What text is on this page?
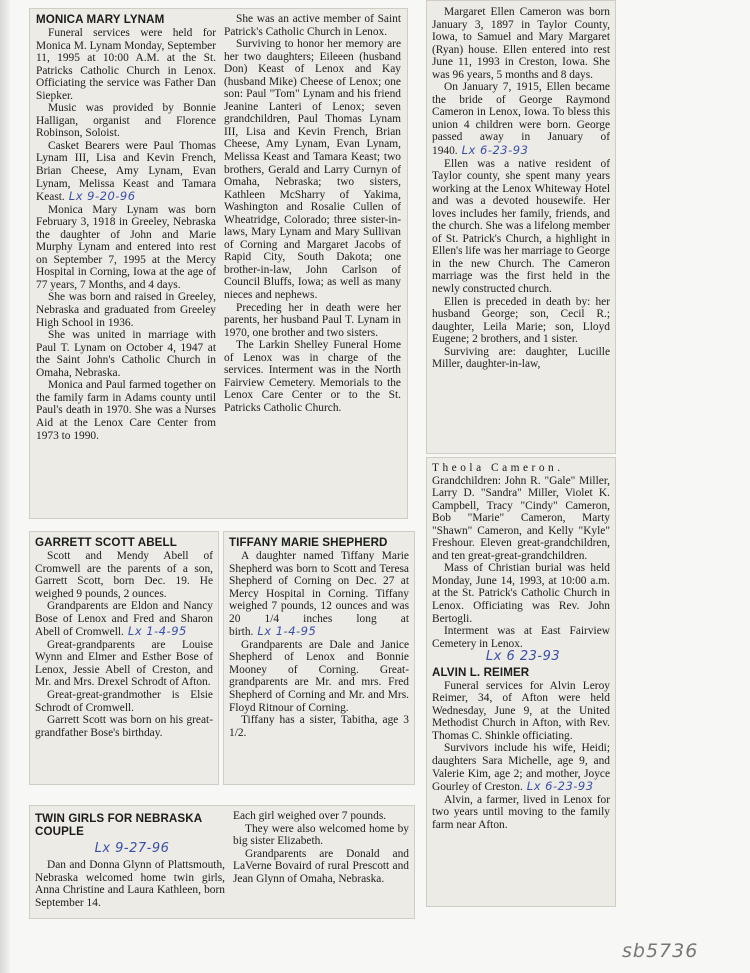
MONICA MARY LYNAM

Funeral services were held for Monica M. Lynam Monday, September 11, 1995 at 10:00 A.M. at the St. Patricks Catholic Church in Lenox. Officiating the service was Father Dan Siepker.

Music was provided by Bonnie Halligan, organist and Florence Robinson, Soloist.

Casket Bearers were Paul Thomas Lynam III, Lisa and Kevin French, Brian Cheese, Amy Lynam, Evan Lynam, Melissa Keast and Tamara Keast. Lx 9-20-96

Monica Mary Lynam was born February 3, 1918 in Greeley, Nebraska the daughter of John and Marie Murphy Lynam and entered into rest on September 7, 1995 at the Mercy Hospital in Corning, Iowa at the age of 77 years, 7 Months, and 4 days.

She was born and raised in Greeley, Nebraska and graduated from Greeley High School in 1936.

She was united in marriage with Paul T. Lynam on October 4, 1947 at the Saint John's Catholic Church in Omaha, Nebraska.

Monica and Paul farmed together on the family farm in Adams county until Paul's death in 1970. She was a Nurses Aid at the Lenox Care Center from 1973 to 1990.

She was an active member of Saint Patrick's Catholic Church in Lenox.

Surviving to honor her memory are her two daughters; Eileeen (husband Don) Keast of Lenox and Kay (husband Mike) Cheese of Lenox; one son: Paul "Tom" Lynam and his friend Jeanine Lanteri of Lenox; seven grandchildren, Paul Thomas Lynam III, Lisa and Kevin French, Brian Cheese, Amy Lynam, Evan Lynam, Melissa Keast and Tamara Keast; two brothers, Gerald and Larry Curnyn of Omaha, Nebraska; two sisters, Kathleen McSharry of Yakima, Washington and Rosalie Cullen of Wheatridge, Colorado; three sister-in-laws, Mary Lynam and Mary Sullivan of Corning and Margaret Jacobs of Rapid City, South Dakota; one brother-in-law, John Carlson of Council Bluffs, Iowa; as well as many nieces and nephews.

Preceding her in death were her parents, her husband Paul T. Lynam in 1970, one brother and two sisters.

The Larkin Shelley Funeral Home of Lenox was in charge of the services. Interment was in the North Fairview Cemetery. Memorials to the Lenox Care Center or to the St. Patricks Catholic Church.

Margaret Ellen Cameron was born January 3, 1897 in Taylor County, Iowa, to Samuel and Mary Margaret (Ryan) house. Ellen entered into rest June 11, 1993 in Creston, Iowa. She was 96 years, 5 months and 8 days.

On January 7, 1915, Ellen became the bride of George Raymond Cameron in Lenox, Iowa. To bless this union 4 children were born. George passed away in January of 1940. Lx 6-23-93

Ellen was a native resident of Taylor county, she spent many years working at the Lenox Whiteway Hotel and was a devoted housewife. Her loves includes her family, friends, and the church. She was a lifelong member of St. Patrick's Church, a highlight in Ellen's life was her marriage to George in the new Church. The Cameron marriage was the first held in the newly constructed church.

Ellen is preceded in death by: her husband George; son, Cecil R.; daughter, Leila Marie; son, Lloyd Eugene; 2 brothers, and 1 sister.

Surviving are: daughter, Lucille Miller, daughter-in-law,

Theola Cameron.

Grandchildren: John R. "Gale" Miller, Larry D. "Sandra" Miller, Violet K. Campbell, Tracy "Cindy" Cameron, Bob "Marie" Cameron, Marty "Shawn" Cameron, and Kelly "Kyle" Freshour. Eleven great-grandchildren, and ten great-great-grandchildren.

Mass of Christian burial was held Monday, June 14, 1993, at 10:00 a.m. at the St. Patrick's Catholic Church in Lenox. Officiating was Rev. John Bertogli.

Interment was at East Fairview Cemetery in Lenox.

Lx 6 23-93
ALVIN L. REIMER

Funeral services for Alvin Leroy Reimer, 34, of Afton were held Wednesday, June 9, at the United Methodist Church in Afton, with Rev. Thomas C. Shinkle officiating.

Survivors include his wife, Heidi; daughters Sara Michelle, age 9, and Valerie Kim, age 2; and mother, Joyce Gourley of Creston. Lx 6-23-93

Alvin, a farmer, lived in Lenox for two years until moving to the family farm near Afton.

GARRETT SCOTT ABELL

Scott and Mendy Abell of Cromwell are the parents of a son, Garrett Scott, born Dec. 19. He weighed 9 pounds, 2 ounces.

Grandparents are Eldon and Nancy Bose of Lenox and Fred and Sharon Abell of Cromwell. Lx 1-4-95

Great-grandparents are Louise Wynn and Elmer and Esther Bose of Lenox, Jessie Abell of Creston, and Mr. and Mrs. Drexel Schrodt of Afton.

Great-great-grandmother is Elsie Schrodt of Cromwell.

Garrett Scott was born on his great-grandfather Bose's birthday.

TIFFANY MARIE SHEPHERD

A daughter named Tiffany Marie Shepherd was born to Scott and Teresa Shepherd of Corning on Dec. 27 at Mercy Hospital in Corning. Tiffany weighed 7 pounds, 12 ounces and was 20 1/4 inches long at birth. Lx 1-4-95

Grandparents are Dale and Janice Shepherd of Lenox and Bonnie Mooney of Corning. Great-grandparents are Mr. and mrs. Fred Shepherd of Corning and Mr. and Mrs. Floyd Ritnour of Corning.

Tiffany has a sister, Tabitha, age 3 1/2.

TWIN GIRLS FOR NEBRASKA COUPLE
Lx 9-27-96

Dan and Donna Glynn of Plattsmouth, Nebraska welcomed home twin girls, Anna Christine and Laura Kathleen, born September 14.

Each girl weighed over 7 pounds.

They were also welcomed home by big sister Elizabeth.

Grandparents are Donald and LaVerne Bovaird of rural Prescott and Jean Glynn of Omaha, Nebraska.

sb5736
